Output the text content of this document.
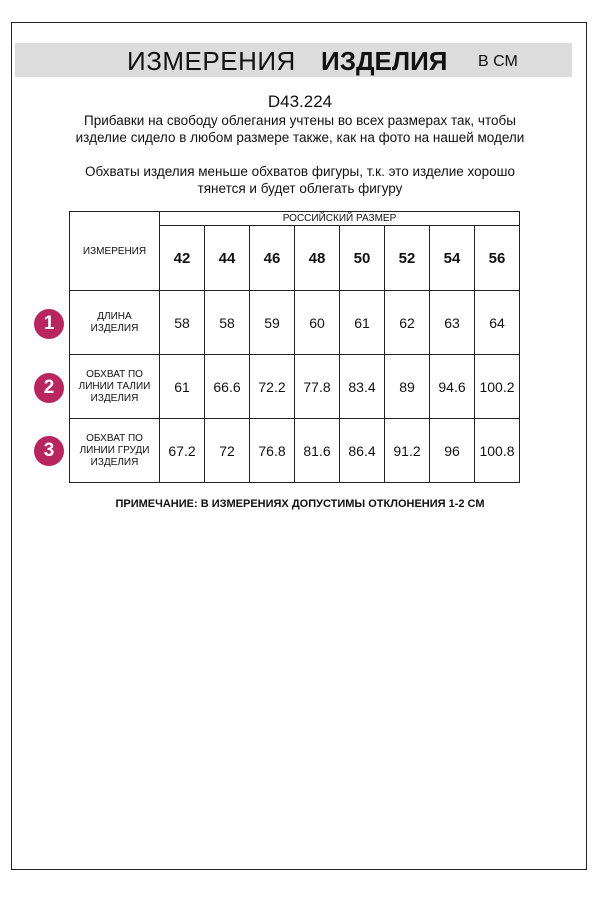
ИЗМЕРЕНИЯ ИЗДЕЛИЯ В СМ
D43.224
Прибавки на свободу облегания учтены во всех размерах так, чтобы изделие сидело в любом размере также, как на фото на нашей модели
Обхваты изделия меньше обхватов фигуры, т.к. это изделие хорошо тянется и будет облегать фигуру
ИЗМЕРЕНИЯ	РОССИЙСКИЙ РАЗМЕР							
	42	44	46	48	50	52	54	56

ДЛИНА
ИЗДЕЛИЯ	58	58	59	60	61	62	63	64

ОБХВАТ ПО
ЛИНИИ ТАЛИИ
ИЗДЕЛИЯ	61	66.6	72.2	77.8	83.4	89	94.6	100.2

ОБХВАТ ПО
ЛИНИИ ГРУДИ
ИЗДЕЛИЯ	67.2	72	76.8	81.6	86.4	91.2	96	100.8
1
2
3
ПРИМЕЧАНИЕ: В ИЗМЕРЕНИЯХ ДОПУСТИМЫ ОТКЛОНЕНИЯ 1-2 СМ
